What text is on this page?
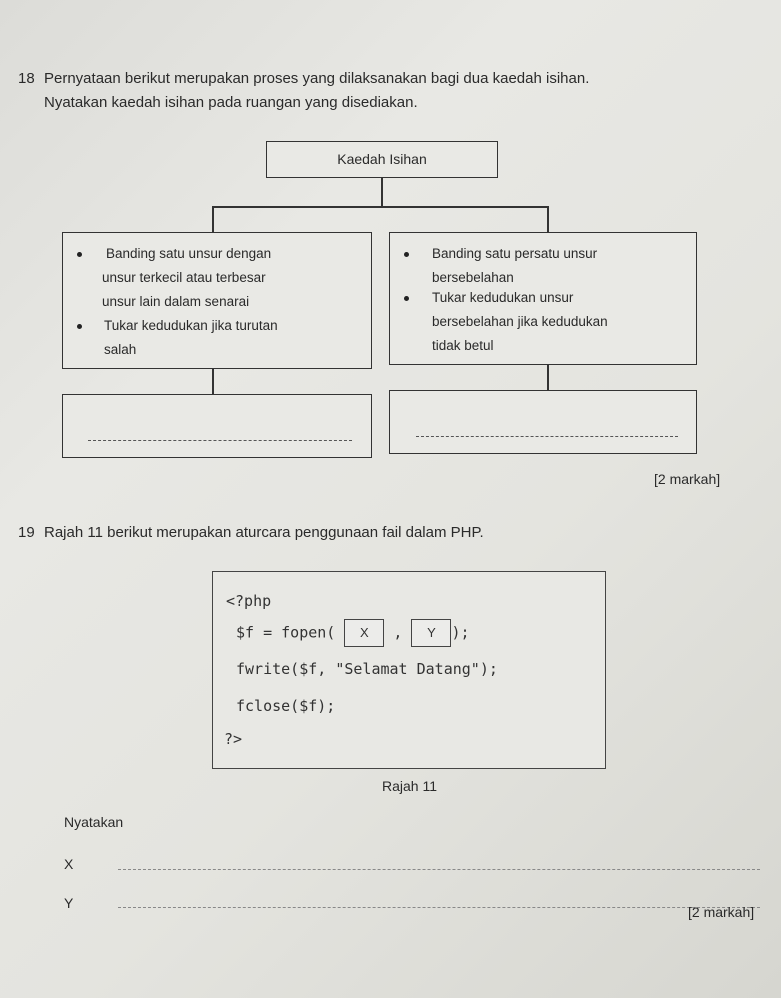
18 Pernyataan berikut merupakan proses yang dilaksanakan bagi dua kaedah isihan.
Nyatakan kaedah isihan pada ruangan yang disediakan.
Kaedah Isihan
Banding satu unsur dengan
unsur terkecil atau terbesar
unsur lain dalam senarai
Tukar kedudukan jika turutan
salah
Banding satu persatu unsur
bersebelahan
Tukar kedudukan unsur
bersebelahan jika kedudukan
tidak betul
[2 markah]
19 Rajah 11 berikut merupakan aturcara penggunaan fail dalam PHP.
<?php
$f = fopen( X , Y );
fwrite($f, "Selamat Datang");
fclose($f);
?>
Rajah 11
Nyatakan
X
Y
[2 markah]
